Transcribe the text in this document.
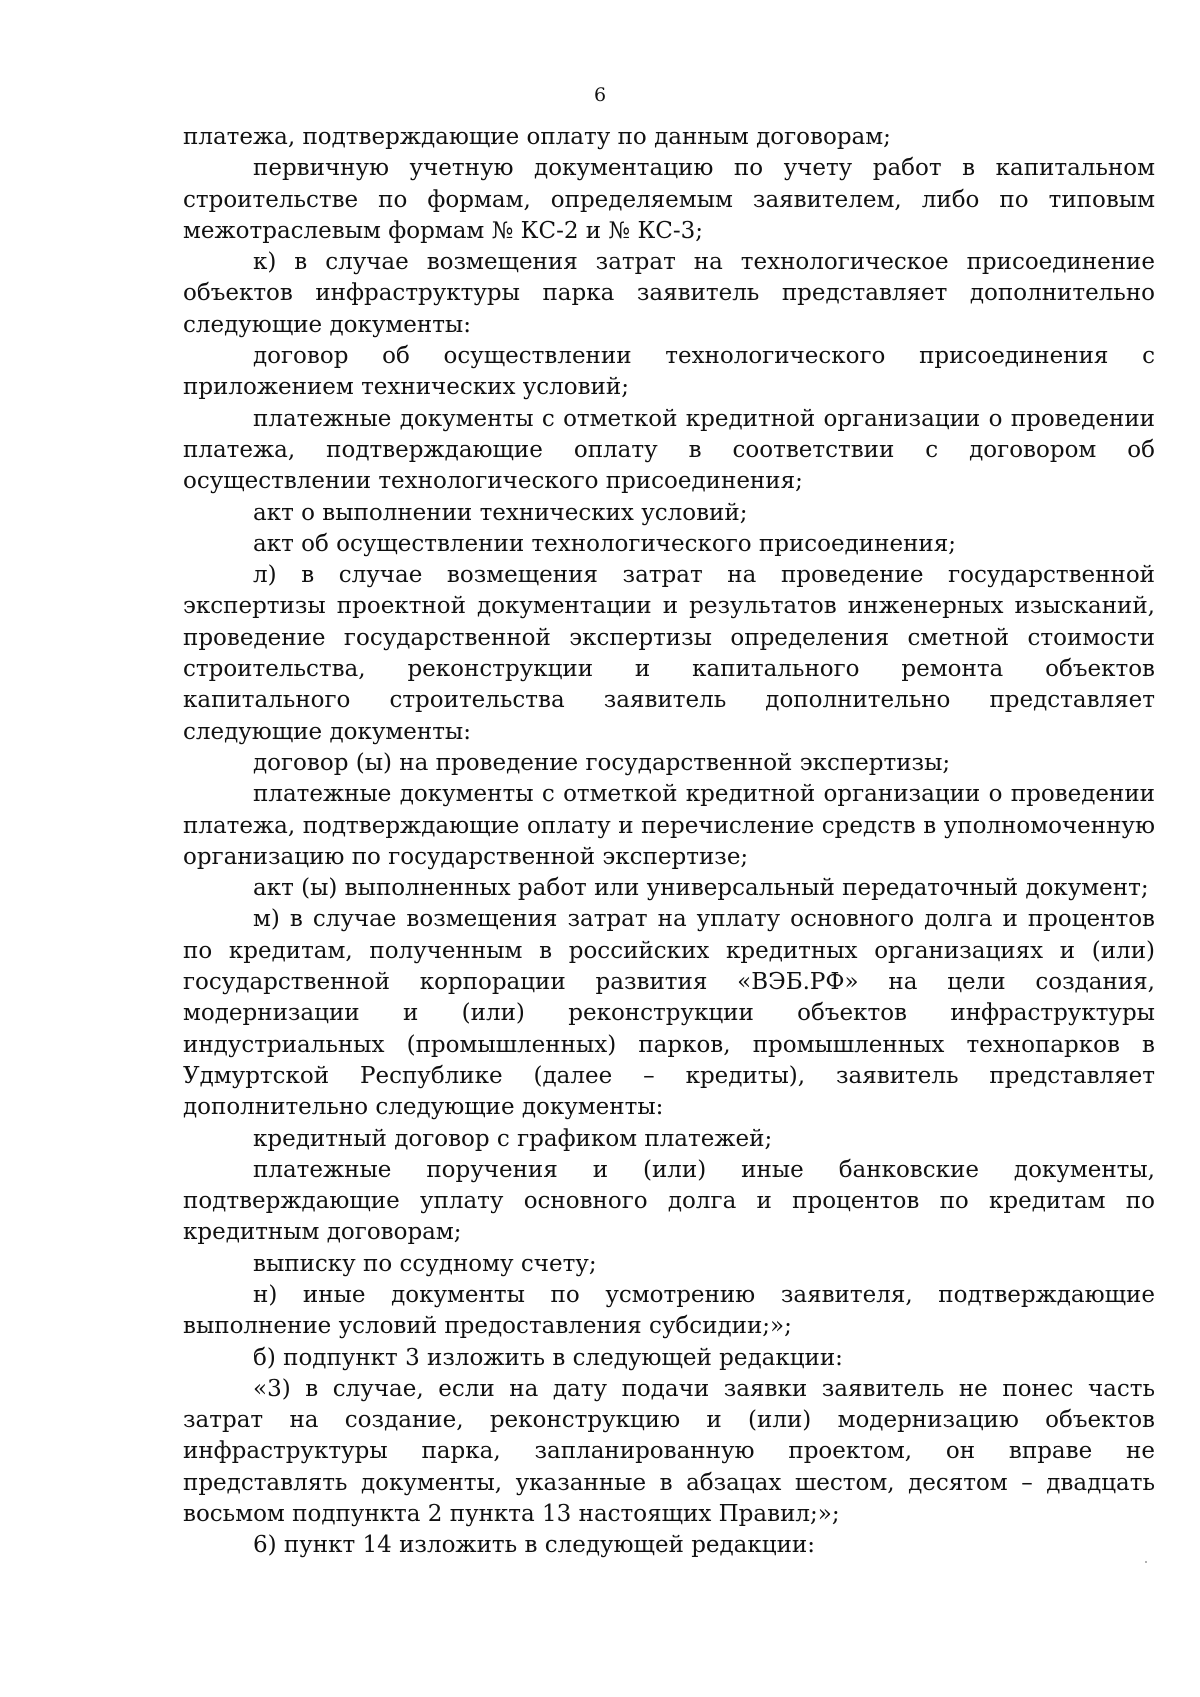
6

платежа, подтверждающие оплату по данным договорам;

первичную учетную документацию по учету работ в капитальном строительстве по формам, определяемым заявителем, либо по типовым межотраслевым формам № КС-2 и № КС-3;

к) в случае возмещения затрат на технологическое присоединение объектов инфраструктуры парка заявитель представляет дополнительно следующие документы:

договор об осуществлении технологического присоединения с приложением технических условий;

платежные документы с отметкой кредитной организации о проведении платежа, подтверждающие оплату в соответствии с договором об осуществлении технологического присоединения;

акт о выполнении технических условий;

акт об осуществлении технологического присоединения;

л) в случае возмещения затрат на проведение государственной экспертизы проектной документации и результатов инженерных изысканий, проведение государственной экспертизы определения сметной стоимости строительства, реконструкции и капитального ремонта объектов капитального строительства заявитель дополнительно представляет следующие документы:

договор (ы) на проведение государственной экспертизы;

платежные документы с отметкой кредитной организации о проведении платежа, подтверждающие оплату и перечисление средств в уполномоченную организацию по государственной экспертизе;

акт (ы) выполненных работ или универсальный передаточный документ;

м) в случае возмещения затрат на уплату основного долга и процентов по кредитам, полученным в российских кредитных организациях и (или) государственной корпорации развития «ВЭБ.РФ» на цели создания, модернизации и (или) реконструкции объектов инфраструктуры индустриальных (промышленных) парков, промышленных технопарков в Удмуртской Республике (далее – кредиты), заявитель представляет дополнительно следующие документы:

кредитный договор с графиком платежей;

платежные поручения и (или) иные банковские документы, подтверждающие уплату основного долга и процентов по кредитам по кредитным договорам;

выписку по ссудному счету;

н) иные документы по усмотрению заявителя, подтверждающие выполнение условий предоставления субсидии;»;

б) подпункт 3 изложить в следующей редакции:

«3) в случае, если на дату подачи заявки заявитель не понес часть затрат на создание, реконструкцию и (или) модернизацию объектов инфраструктуры парка, запланированную проектом, он вправе не представлять документы, указанные в абзацах шестом, десятом – двадцать восьмом подпункта 2 пункта 13 настоящих Правил;»;

6) пункт 14 изложить в следующей редакции:
